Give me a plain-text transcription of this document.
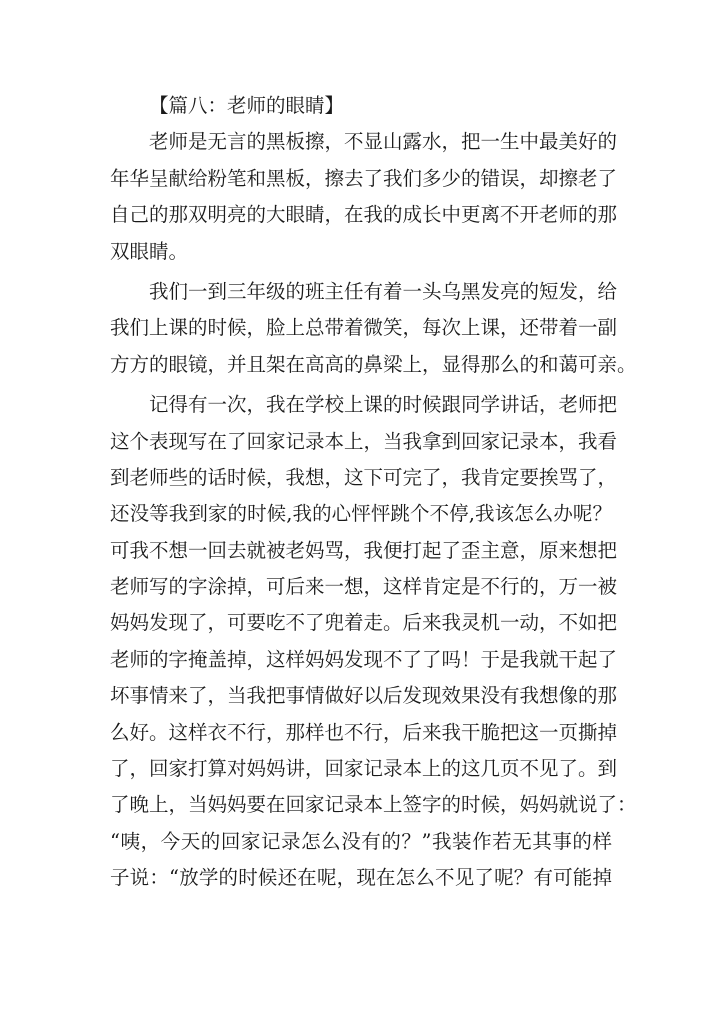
【篇八：老师的眼睛】
老师是无言的黑板擦，不显山露水，把一生中最美好的
年华呈献给粉笔和黑板，擦去了我们多少的错误，却擦老了
自己的那双明亮的大眼睛，在我的成长中更离不开老师的那
双眼睛。
我们一到三年级的班主任有着一头乌黑发亮的短发，给
我们上课的时候，脸上总带着微笑，每次上课，还带着一副
方方的眼镜，并且架在高高的鼻梁上，显得那么的和蔼可亲。
记得有一次，我在学校上课的时候跟同学讲话，老师把
这个表现写在了回家记录本上，当我拿到回家记录本，我看
到老师些的话时候，我想，这下可完了，我肯定要挨骂了，
还没等我到家的时候,我的心怦怦跳个不停,我该怎么办呢？
可我不想一回去就被老妈骂，我便打起了歪主意，原来想把
老师写的字涂掉，可后来一想，这样肯定是不行的，万一被
妈妈发现了，可要吃不了兜着走。后来我灵机一动，不如把
老师的字掩盖掉，这样妈妈发现不了了吗！于是我就干起了
坏事情来了，当我把事情做好以后发现效果没有我想像的那
么好。这样衣不行，那样也不行，后来我干脆把这一页撕掉
了，回家打算对妈妈讲，回家记录本上的这几页不见了。到
了晚上，当妈妈要在回家记录本上签字的时候，妈妈就说了：
“咦，今天的回家记录怎么没有的？”我装作若无其事的样
子说：“放学的时候还在呢，现在怎么不见了呢？有可能掉
